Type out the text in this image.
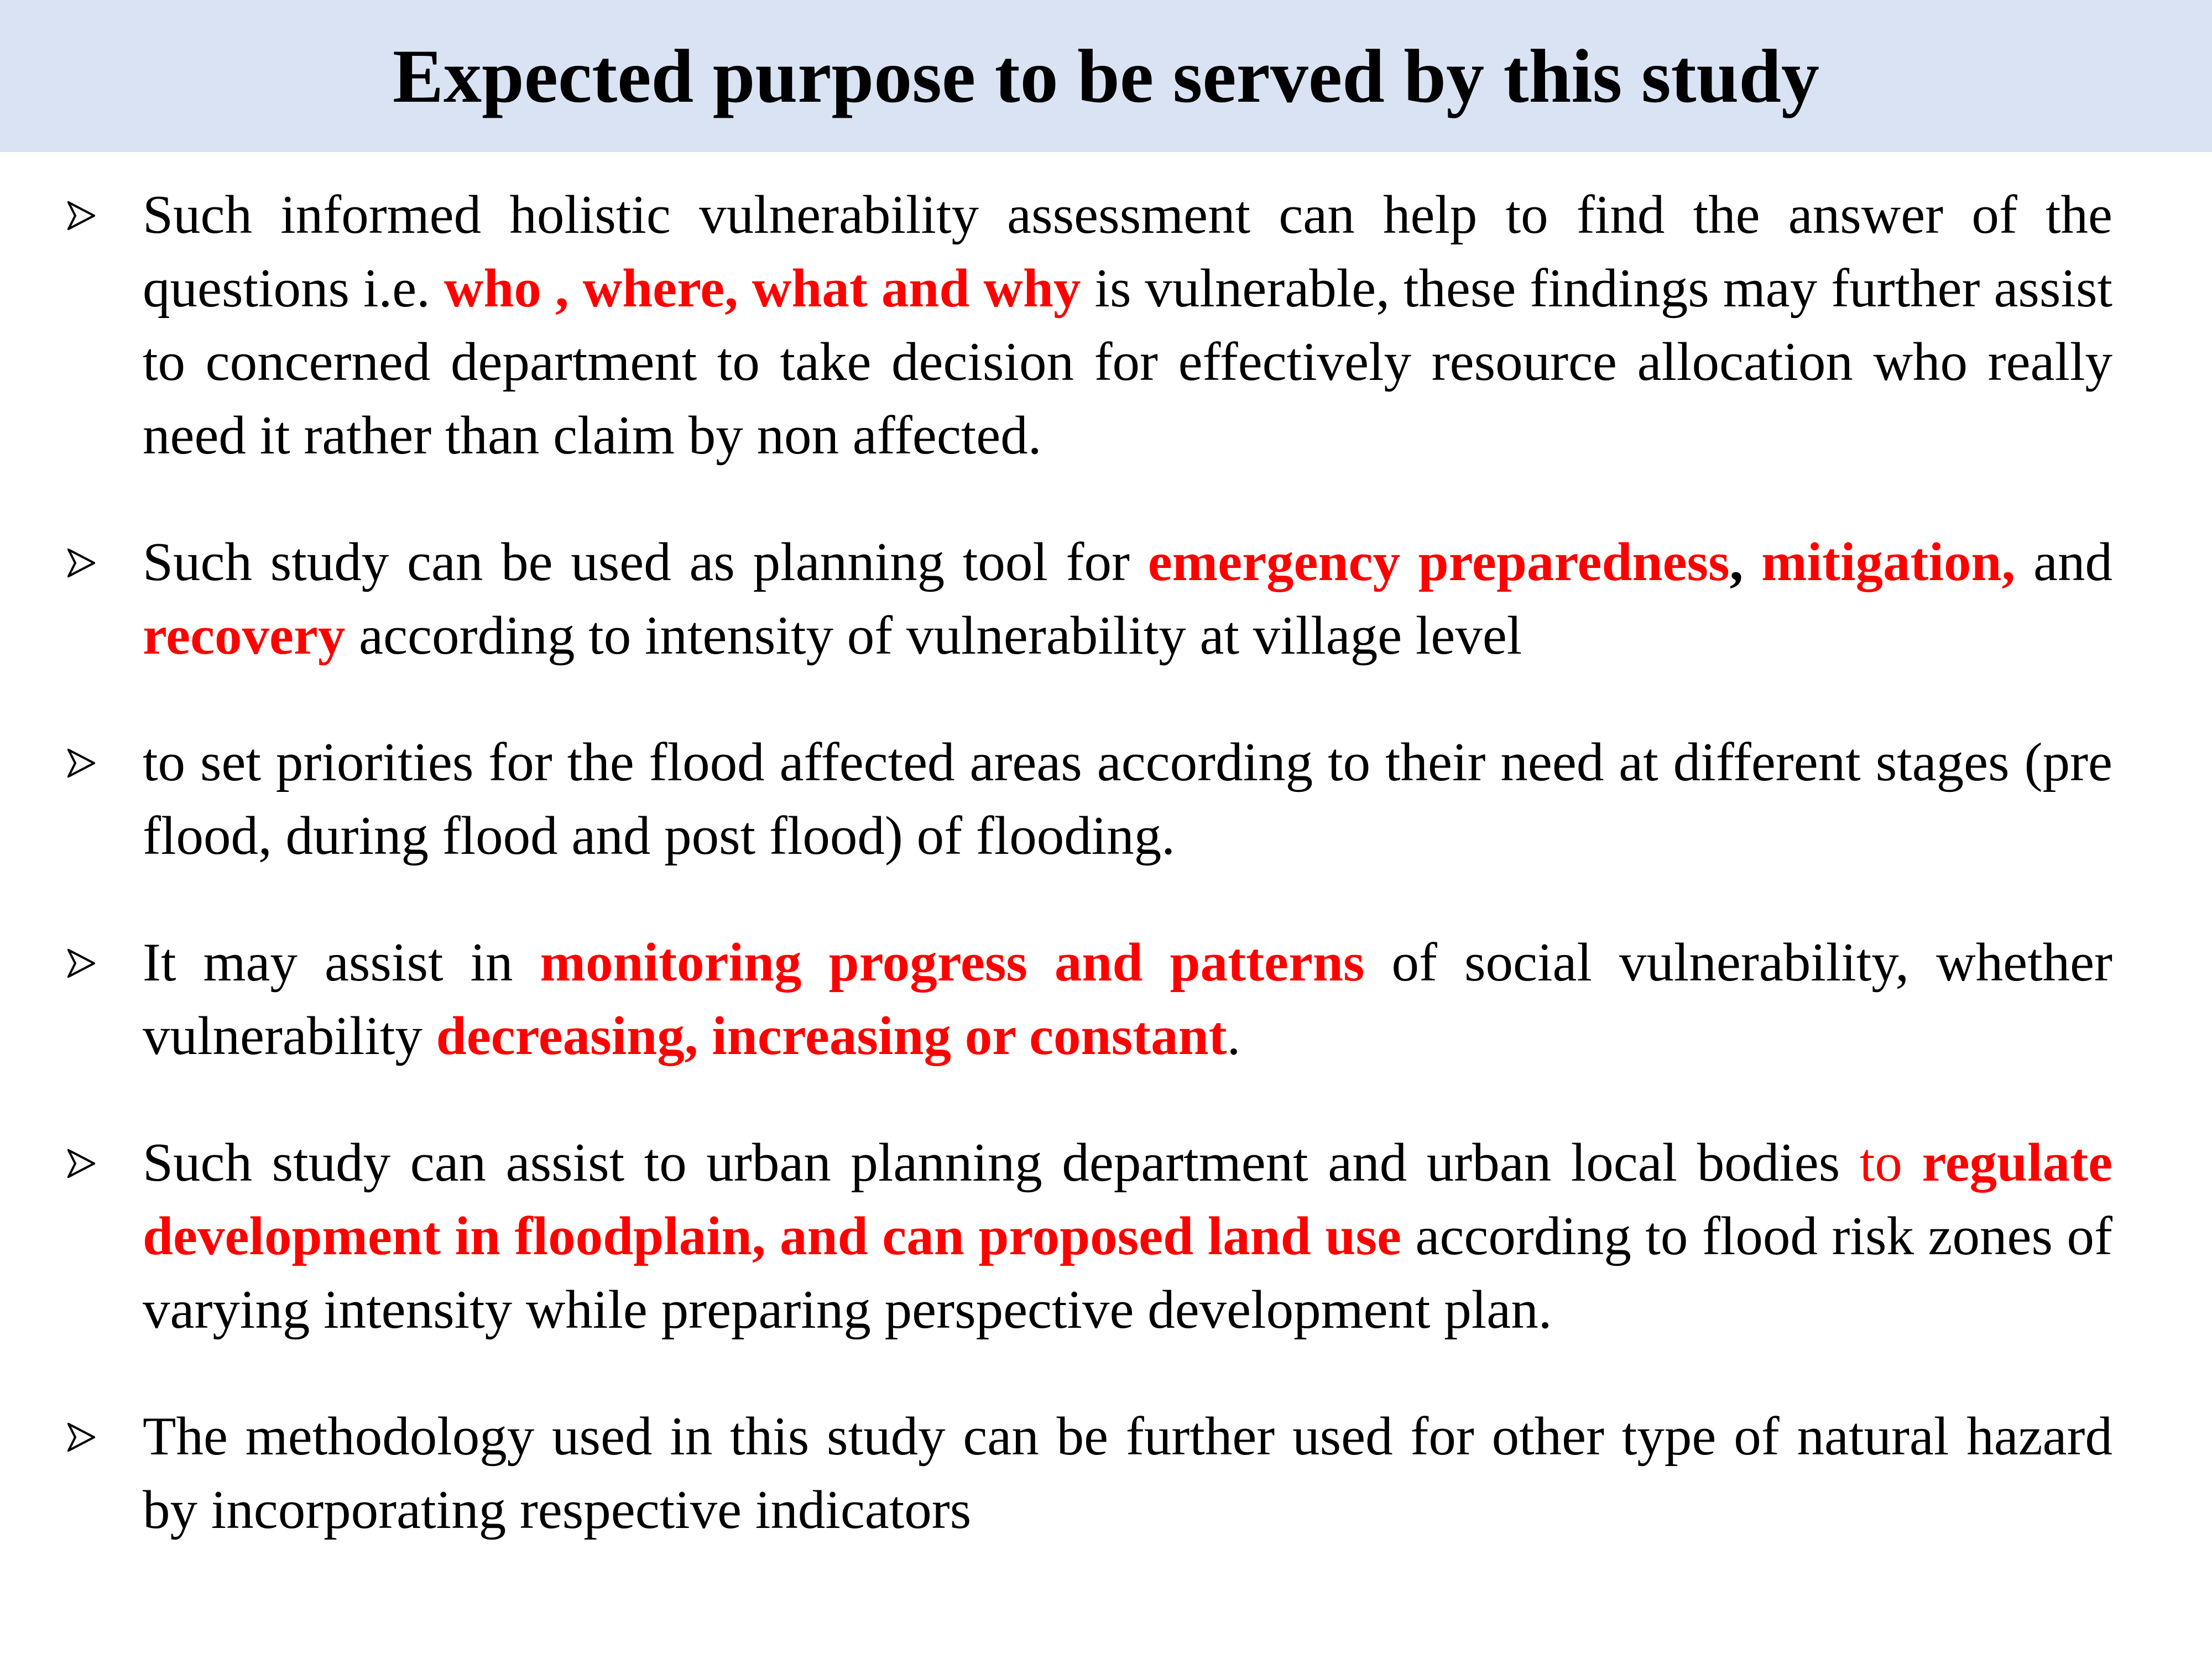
Expected purpose to be served by this study
Such informed holistic vulnerability assessment can help to find the answer of the questions i.e. who , where, what and why is vulnerable, these findings may further assist to concerned department to take decision for effectively resource allocation who really need it rather than claim by non affected.
Such study can be used as planning tool for emergency preparedness, mitigation, and recovery according to intensity of vulnerability at village level
to set priorities for the flood affected areas according to their need at different stages (pre flood, during flood and post flood) of flooding.
It may assist in monitoring progress and patterns of social vulnerability, whether vulnerability decreasing, increasing or constant.
Such study can assist to urban planning department and urban local bodies to regulate development in floodplain, and can proposed land use according to flood risk zones of varying intensity while preparing perspective development plan.
The methodology used in this study can be further used for other type of natural hazard by incorporating respective indicators
